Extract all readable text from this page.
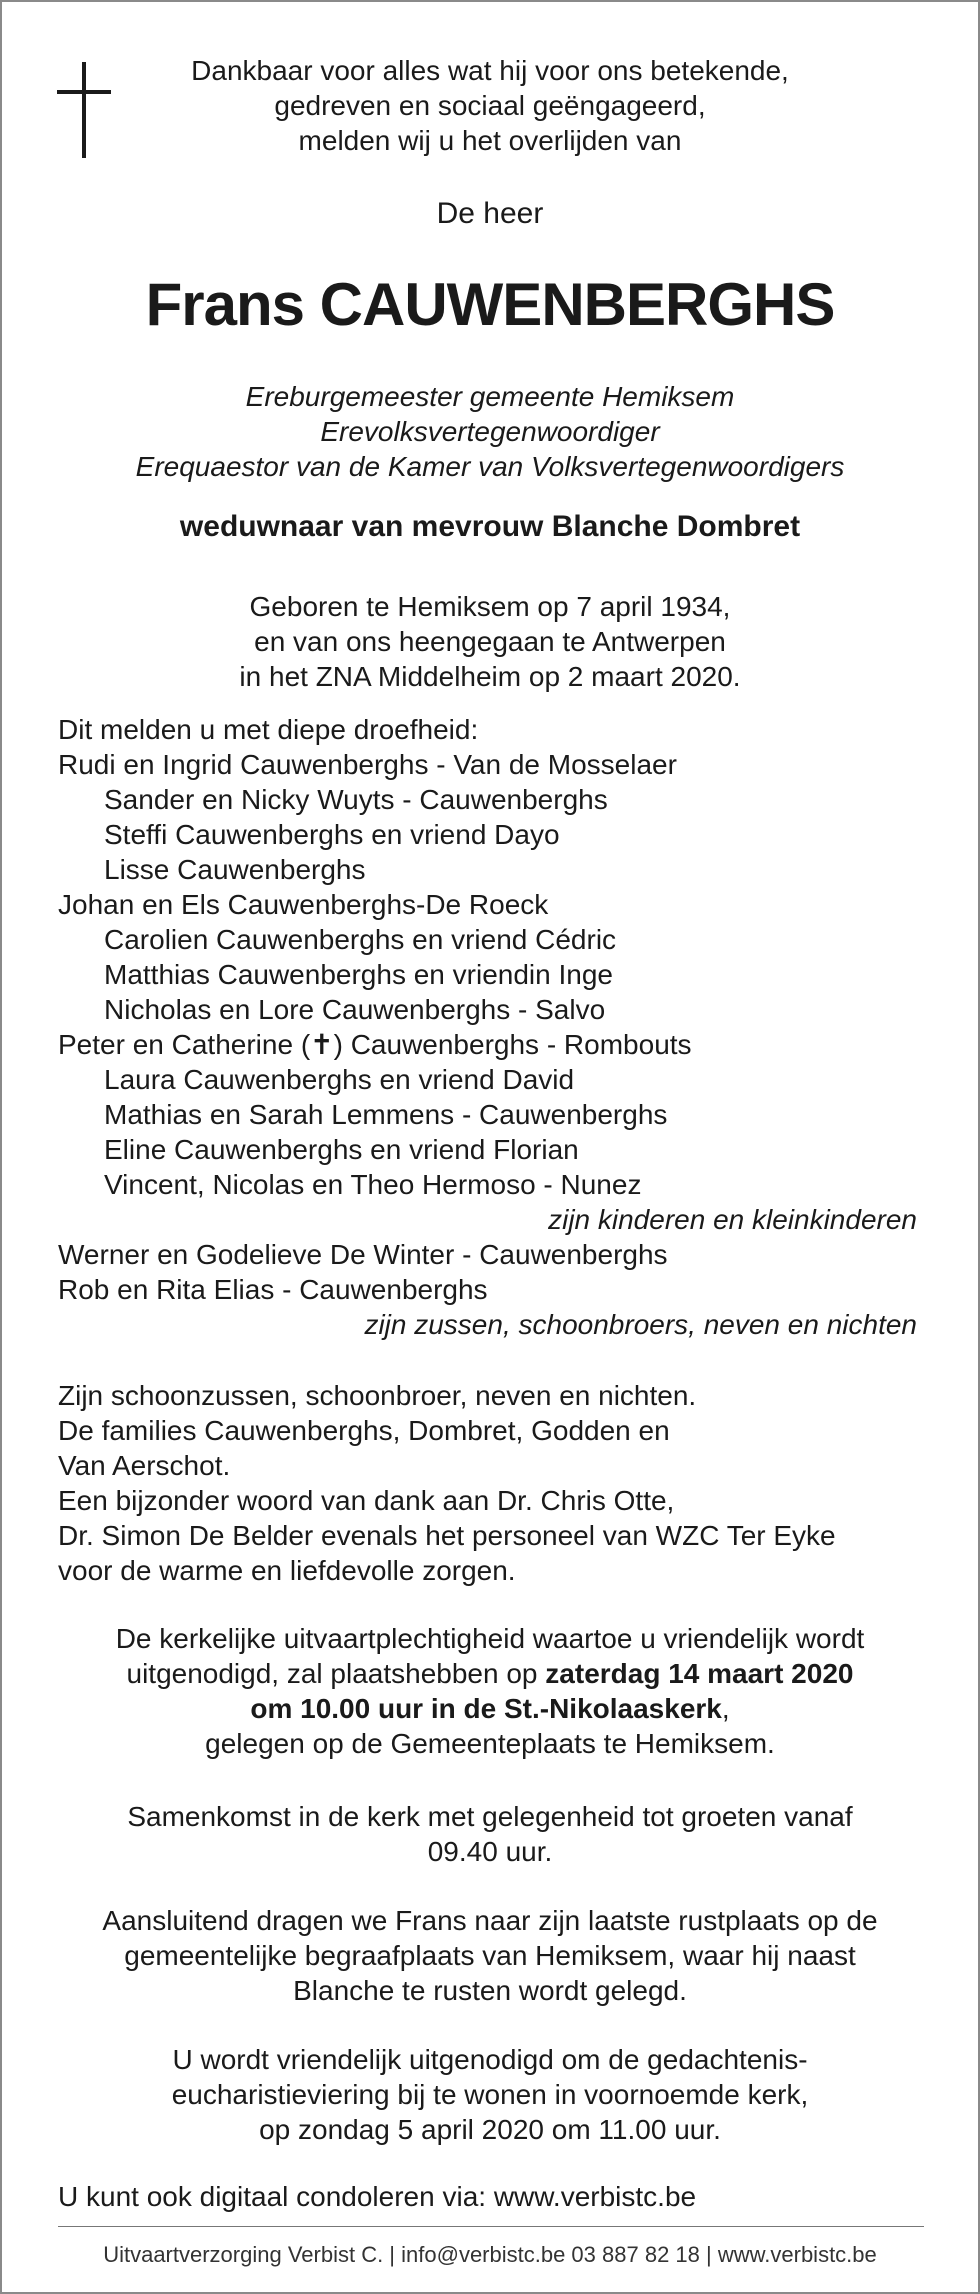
Dankbaar voor alles wat hij voor ons betekende,
gedreven en sociaal geëngageerd,
melden wij u het overlijden van
De heer
Frans CAUWENBERGHS
Ereburgemeester gemeente Hemiksem
Erevolksvertegenwoordiger
Erequaestor van de Kamer van Volksvertegenwoordigers
weduwnaar van mevrouw Blanche Dombret
Geboren te Hemiksem op 7 april 1934,
en van ons heengegaan te Antwerpen
in het ZNA Middelheim op 2 maart 2020.
Dit melden u met diepe droefheid:
Rudi en Ingrid Cauwenberghs - Van de Mosselaer
Sander en Nicky Wuyts - Cauwenberghs
Steffi Cauwenberghs en vriend Dayo
Lisse Cauwenberghs
Johan en Els Cauwenberghs-De Roeck
Carolien Cauwenberghs en vriend Cédric
Matthias Cauwenberghs en vriendin Inge
Nicholas en Lore Cauwenberghs - Salvo
Peter en Catherine (✝) Cauwenberghs - Rombouts
Laura Cauwenberghs en vriend David
Mathias en Sarah Lemmens - Cauwenberghs
Eline Cauwenberghs en vriend Florian
Vincent, Nicolas en Theo Hermoso - Nunez
zijn kinderen en kleinkinderen
Werner en Godelieve De Winter - Cauwenberghs
Rob en Rita Elias - Cauwenberghs
zijn zussen, schoonbroers, neven en nichten
Zijn schoonzussen, schoonbroer, neven en nichten.
De families Cauwenberghs, Dombret, Godden en
Van Aerschot.
Een bijzonder woord van dank aan Dr. Chris Otte,
Dr. Simon De Belder evenals het personeel van WZC Ter Eyke
voor de warme en liefdevolle zorgen.
De kerkelijke uitvaartplechtigheid waartoe u vriendelijk wordt
uitgenodigd, zal plaatshebben op zaterdag 14 maart 2020
om 10.00 uur in de St.-Nikolaaskerk,
gelegen op de Gemeenteplaats te Hemiksem.
Samenkomst in de kerk met gelegenheid tot groeten vanaf
09.40 uur.
Aansluitend dragen we Frans naar zijn laatste rustplaats op de
gemeentelijke begraafplaats van Hemiksem, waar hij naast
Blanche te rusten wordt gelegd.
U wordt vriendelijk uitgenodigd om de gedachtenis-
eucharistieviering bij te wonen in voornoemde kerk,
op zondag 5 april 2020 om 11.00 uur.
U kunt ook digitaal condoleren via: www.verbistc.be
Uitvaartverzorging Verbist C. | info@verbistc.be 03 887 82 18 | www.verbistc.be
